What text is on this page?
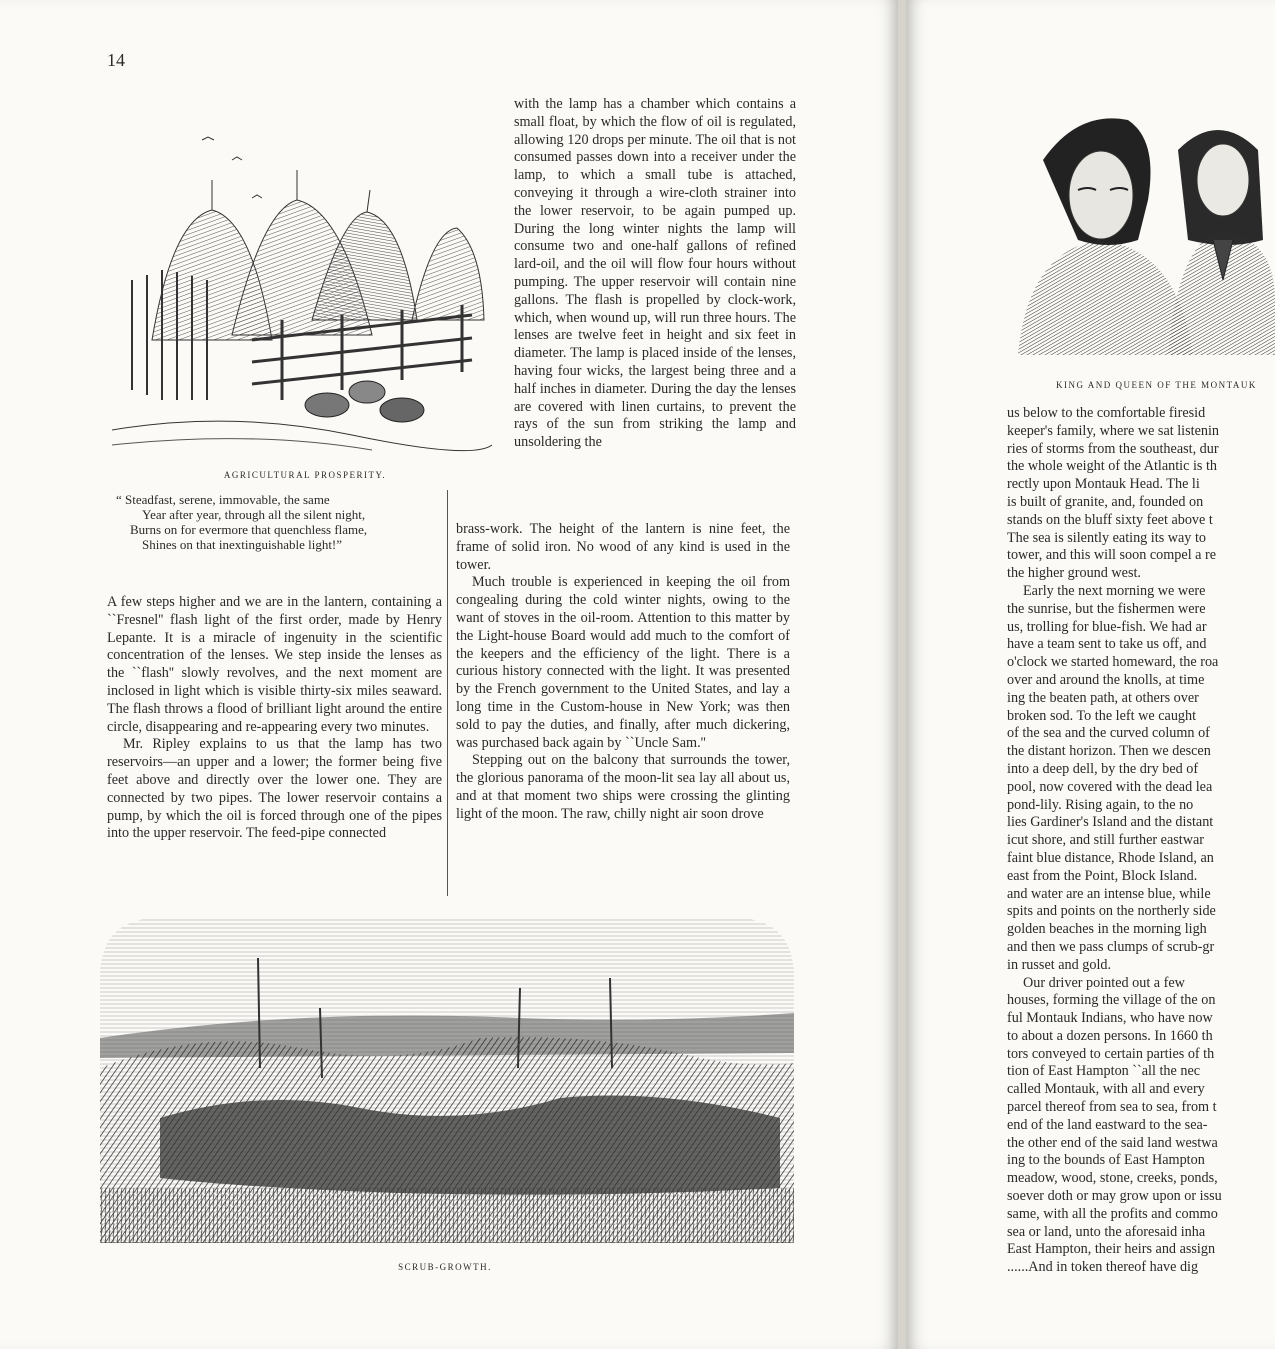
14
AGRICULTURAL PROSPERITY.
“ Steadfast, serene, immovable, the same
Year after year, through all the silent night,
Burns on for evermore that quenchless flame,
Shines on that inextinguishable light!”

A few steps higher and we are in the lantern, containing a ``Fresnel'' flash light of the first order, made by Henry Lepante. It is a miracle of ingenuity in the scientific concentration of the lenses. We step inside the lenses as the ``flash'' slowly revolves, and the next moment are inclosed in light which is visible thirty-six miles seaward. The flash throws a flood of brilliant light around the entire circle, disappearing and re-appearing every two minutes.

Mr. Ripley explains to us that the lamp has two reservoirs—an upper and a lower; the former being five feet above and directly over the lower one. They are connected by two pipes. The lower reservoir contains a pump, by which the oil is forced through one of the pipes into the upper reservoir. The feed-pipe connected

with the lamp has a chamber which contains a small float, by which the flow of oil is regulated, allowing 120 drops per minute. The oil that is not consumed passes down into a receiver under the lamp, to which a small tube is attached, conveying it through a wire-cloth strainer into the lower reservoir, to be again pumped up. During the long winter nights the lamp will consume two and one-half gallons of refined lard-oil, and the oil will flow four hours without pumping. The upper reservoir will contain nine gallons. The flash is propelled by clock-work, which, when wound up, will run three hours. The lenses are twelve feet in height and six feet in diameter. The lamp is placed inside of the lenses, having four wicks, the largest being three and a half inches in diameter. During the day the lenses are covered with linen curtains, to prevent the rays of the sun from striking the lamp and unsoldering the

brass-work. The height of the lantern is nine feet, the frame of solid iron. No wood of any kind is used in the tower.

Much trouble is experienced in keeping the oil from congealing during the cold winter nights, owing to the want of stoves in the oil-room. Attention to this matter by the Light-house Board would add much to the comfort of the keepers and the efficiency of the light. There is a curious history connected with the light. It was presented by the French government to the United States, and lay a long time in the Custom-house in New York; was then sold to pay the duties, and finally, after much dickering, was purchased back again by ``Uncle Sam.''

Stepping out on the balcony that surrounds the tower, the glorious panorama of the moon-lit sea lay all about us, and at that moment two ships were crossing the glinting light of the moon. The raw, chilly night air soon drove

SCRUB-GROWTH.
KING AND QUEEN OF THE MONTAUK
us below to the comfortable firesid
keeper's family, where we sat listenin
ries of storms from the southeast, dur
the whole weight of the Atlantic is th
rectly upon Montauk Head. The li
is built of granite, and, founded on
stands on the bluff sixty feet above t
The sea is silently eating its way to
tower, and this will soon compel a re
the higher ground west.
Early the next morning we were
the sunrise, but the fishermen were
us, trolling for blue-fish. We had ar
have a team sent to take us off, and
o'clock we started homeward, the roa
over and around the knolls, at time
ing the beaten path, at others over
broken sod. To the left we caught
of the sea and the curved column of
the distant horizon. Then we descen
into a deep dell, by the dry bed of
pool, now covered with the dead lea
pond-lily. Rising again, to the no
lies Gardiner's Island and the distant
icut shore, and still further eastwar
faint blue distance, Rhode Island, an
east from the Point, Block Island.
and water are an intense blue, while
spits and points on the northerly side
golden beaches in the morning ligh
and then we pass clumps of scrub-gr
in russet and gold.
Our driver pointed out a few
houses, forming the village of the on
ful Montauk Indians, who have now
to about a dozen persons. In 1660 th
tors conveyed to certain parties of th
tion of East Hampton ``all the nec
called Montauk, with all and every
parcel thereof from sea to sea, from t
end of the land eastward to the sea-
the other end of the said land westwa
ing to the bounds of East Hampton
meadow, wood, stone, creeks, ponds,
soever doth or may grow upon or issu
same, with all the profits and commo
sea or land, unto the aforesaid inha
East Hampton, their heirs and assign
......And in token thereof have dig
